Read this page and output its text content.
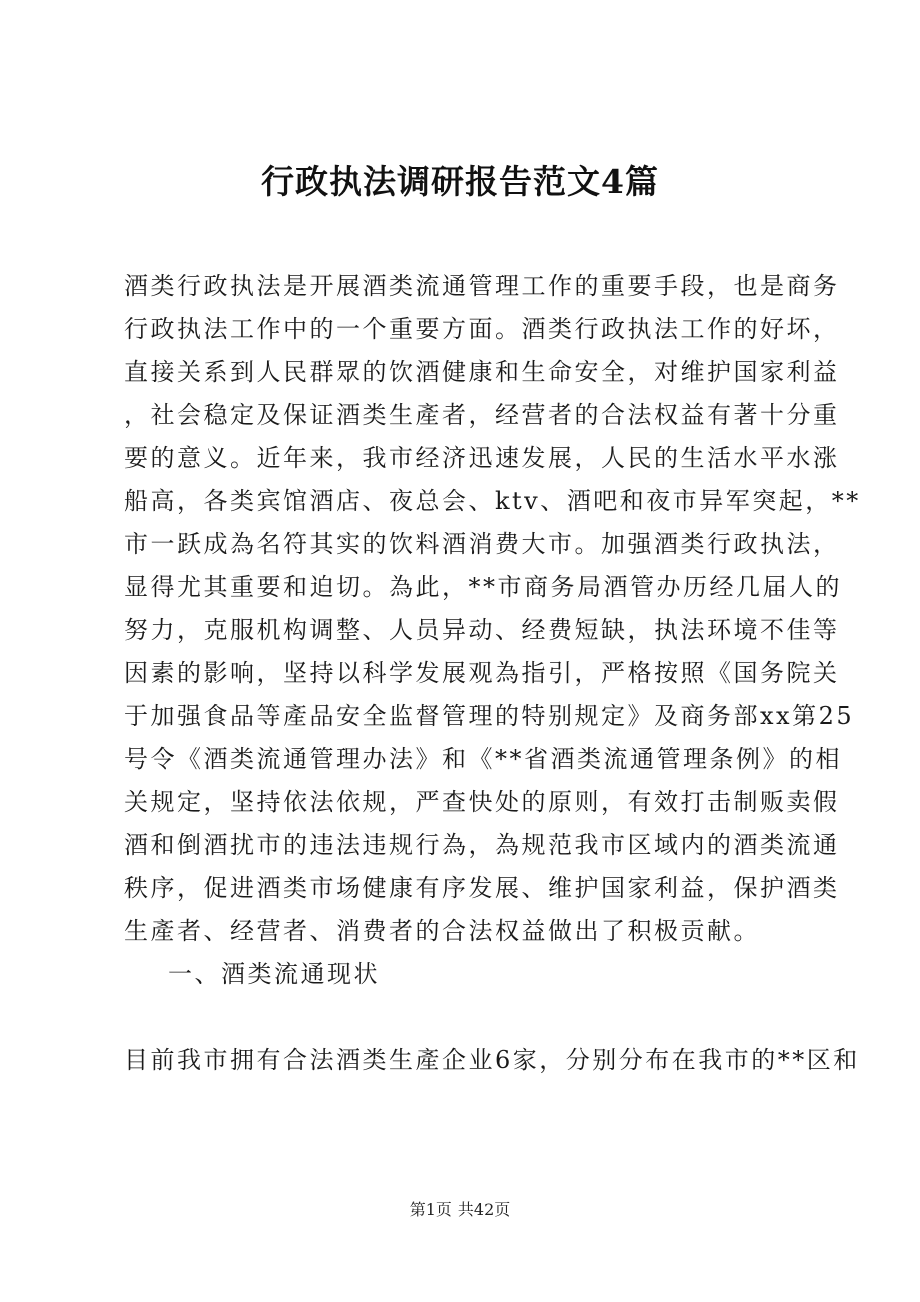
行政执法调研报告范文4篇
酒类行政执法是开展酒类流通管理工作的重要手段，也是商务
行政执法工作中的一个重要方面。酒类行政执法工作的好坏，
直接关系到人民群眾的饮酒健康和生命安全，对维护国家利益
，社会稳定及保证酒类生產者，经营者的合法权益有著十分重
要的意义。近年来，我市经济迅速发展，人民的生活水平水涨
船高，各类宾馆酒店、夜总会、ktv、酒吧和夜市异军突起，**
市一跃成為名符其实的饮料酒消费大市。加强酒类行政执法，
显得尤其重要和迫切。為此，**市商务局酒管办历经几届人的
努力，克服机构调整、人员异动、经费短缺，执法环境不佳等
因素的影响，坚持以科学发展观為指引，严格按照《国务院关
于加强食品等產品安全监督管理的特别规定》及商务部xx第25
号令《酒类流通管理办法》和《**省酒类流通管理条例》的相
关规定，坚持依法依规，严查快处的原则，有效打击制贩卖假
酒和倒酒扰市的违法违规行為，為规范我市区域内的酒类流通
秩序，促进酒类市场健康有序发展、维护国家利益，保护酒类
生產者、经营者、消费者的合法权益做出了积极贡献。
一、酒类流通现状
目前我市拥有合法酒类生產企业6家，分别分布在我市的**区和
第1页 共42页
